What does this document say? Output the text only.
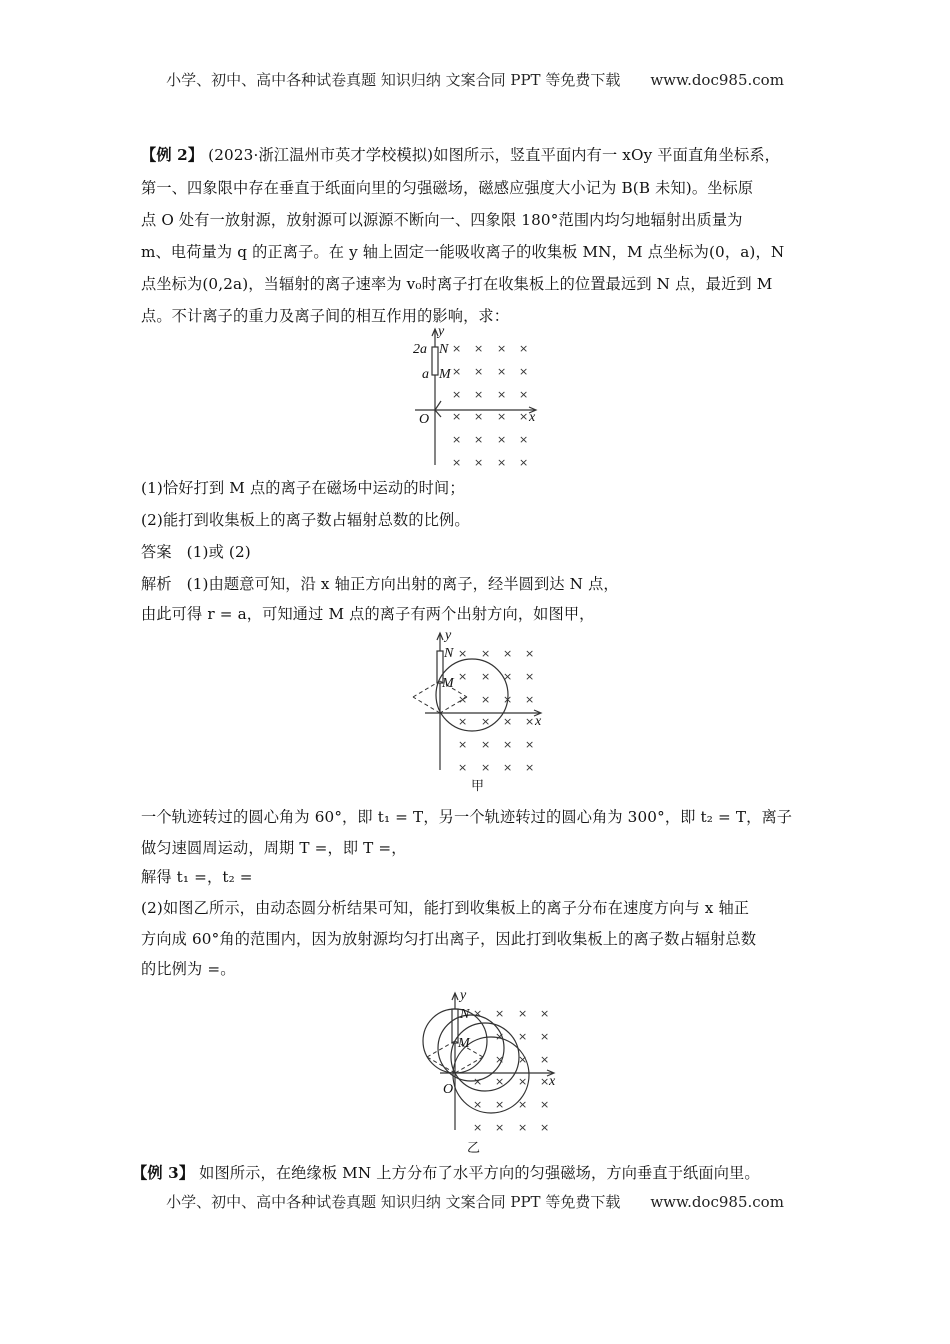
小学、初中、高中各种试卷真题 知识归纳 文案合同 PPT 等免费下载 www.doc985.com
【例 2】 (2023·浙江温州市英才学校模拟)如图所示，竖直平面内有一 xOy 平面直角坐标系，
第一、四象限中存在垂直于纸面向里的匀强磁场，磁感应强度大小记为 B(B 未知)。坐标原
点 O 处有一放射源，放射源可以源源不断向一、四象限 180°范围内均匀地辐射出质量为
m、电荷量为 q 的正离子。在 y 轴上固定一能吸收离子的收集板 MN，M 点坐标为(0，a)，N
点坐标为(0,2a)，当辐射的离子速率为 v₀时离子打在收集板上的位置最远到 N 点，最近到 M
点。不计离子的重力及离子间的相互作用的影响，求：
y
x
O
2a N
a M
× × × ×
× × × ×
× × × ×
× × × ×
× × × ×
× × × ×
(1)恰好打到 M 点的离子在磁场中运动的时间；
(2)能打到收集板上的离子数占辐射总数的比例。
答案 (1)或 (2)
解析 (1)由题意可知，沿 x 轴正方向出射的离子，经半圆到达 N 点，
由此可得 r = a，可知通过 M 点的离子有两个出射方向，如图甲，
y
x
N
M
× × × ×
× × × ×
× × × ×
× × × ×
× × × ×
× × × ×
甲
一个轨迹转过的圆心角为 60°，即 t₁ = T，另一个轨迹转过的圆心角为 300°，即 t₂ = T，离子
做匀速圆周运动，周期 T =，即 T =，
解得 t₁ =，t₂ =
(2)如图乙所示，由动态圆分析结果可知，能打到收集板上的离子分布在速度方向与 x 轴正
方向成 60°角的范围内，因为放射源均匀打出离子，因此打到收集板上的离子数占辐射总数
的比例为 =。
y
x
N
M
O
× × × ×
× × ×
× × ×
× × × ×
× × × ×
× × × ×
乙
【例 3】 如图所示，在绝缘板 MN 上方分布了水平方向的匀强磁场，方向垂直于纸面向里。
小学、初中、高中各种试卷真题 知识归纳 文案合同 PPT 等免费下载 www.doc985.com
